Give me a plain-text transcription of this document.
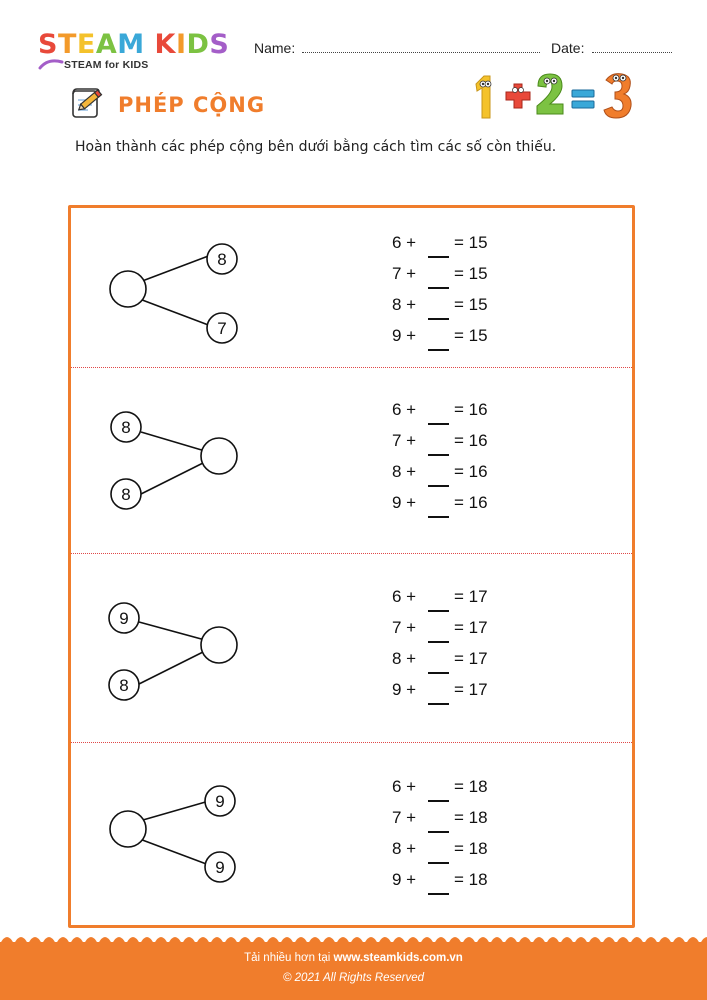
STEAM KIDS
STEAM for KIDS
Name:	Date:
PHÉP CỘNG
Hoàn thành các phép cộng bên dưới bằng cách tìm các số còn thiếu.
8
7
6 + = 15
7 + = 15
8 + = 15
9 + = 15
8
8
6 + = 16
7 + = 16
8 + = 16
9 + = 16
9
8
6 + = 17
7 + = 17
8 + = 17
9 + = 17
9
9
6 + = 18
7 + = 18
8 + = 18
9 + = 18
Tải nhiều hơn tại www.steamkids.com.vn
© 2021 All Rights Reserved
